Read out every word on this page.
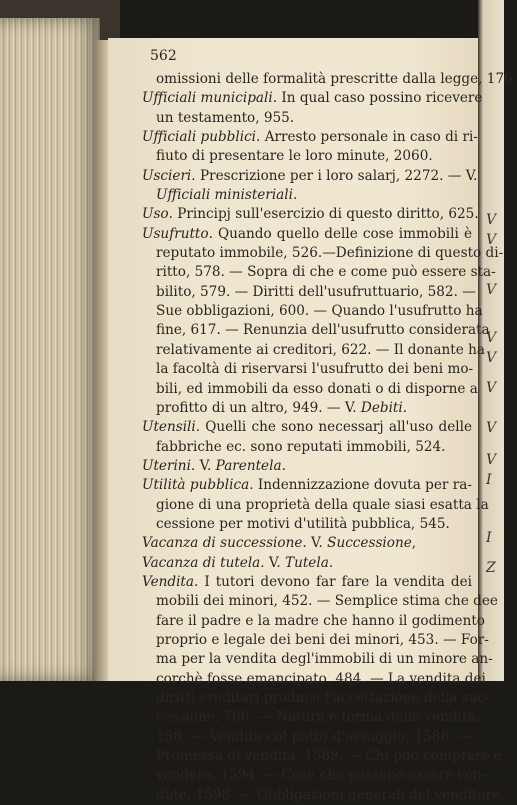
V
V
V
V
V
V
V
V
I
I
Z
562
omissioni delle formalità prescritte dalla legge, 176.
Ufficiali municipali. In qual caso possino ricevere
un testamento, 955.
Ufficiali pubblici. Arresto personale in caso di ri-
fiuto di presentare le loro minute, 2060.
Uscieri. Prescrizione per i loro salarj, 2272. — V.
Ufficiali ministeriali.
Uso. Principj sull'esercizio di questo diritto, 625.
Usufrutto. Quando quello delle cose immobili è
reputato immobile, 526.—Definizione di questo di-
ritto, 578. — Sopra di che e come può essere sta-
bilito, 579. — Diritti dell'usufruttuario, 582. —
Sue obbligazioni, 600. — Quando l'usufrutto ha
fine, 617. — Renunzia dell'usufrutto considerata
relativamente ai creditori, 622. — Il donante ha
la facoltà di riservarsi l'usufrutto dei beni mo-
bili, ed immobili da esso donati o di disporne a
profitto di un altro, 949. — V. Debiti.
Utensili. Quelli che sono necessarj all'uso delle
fabbriche ec. sono reputati immobili, 524.
Uterini. V. Parentela.
Utilità pubblica. Indennizzazione dovuta per ra-
gione di una proprietà della quale siasi esatta la
cessione per motivi d'utilità pubblica, 545.
Vacanza di successione. V. Successione,
Vacanza di tutela. V. Tutela.
Vendita. I tutori devono far fare la vendita dei
mobili dei minori, 452. — Semplice stima che dee
fare il padre e la madre che hanno il godimento
proprio e legale dei beni dei minori, 453. — For-
ma per la vendita degl'immobili di un minore an-
corchè fosse emancipato, 484. — La vendita dei
diritti ereditarj produce l'accettazione della suc-
cessione, 780. — Natura e forma della vendita,
158. — Vendita col patto d'assaggio, 1588. —
Promessa di vendita, 1589. — Chi può comprare e
vendere, 1594. — Cose che possono essere ven-
dute, 1598. — Obbligazioni generali del venditore,
